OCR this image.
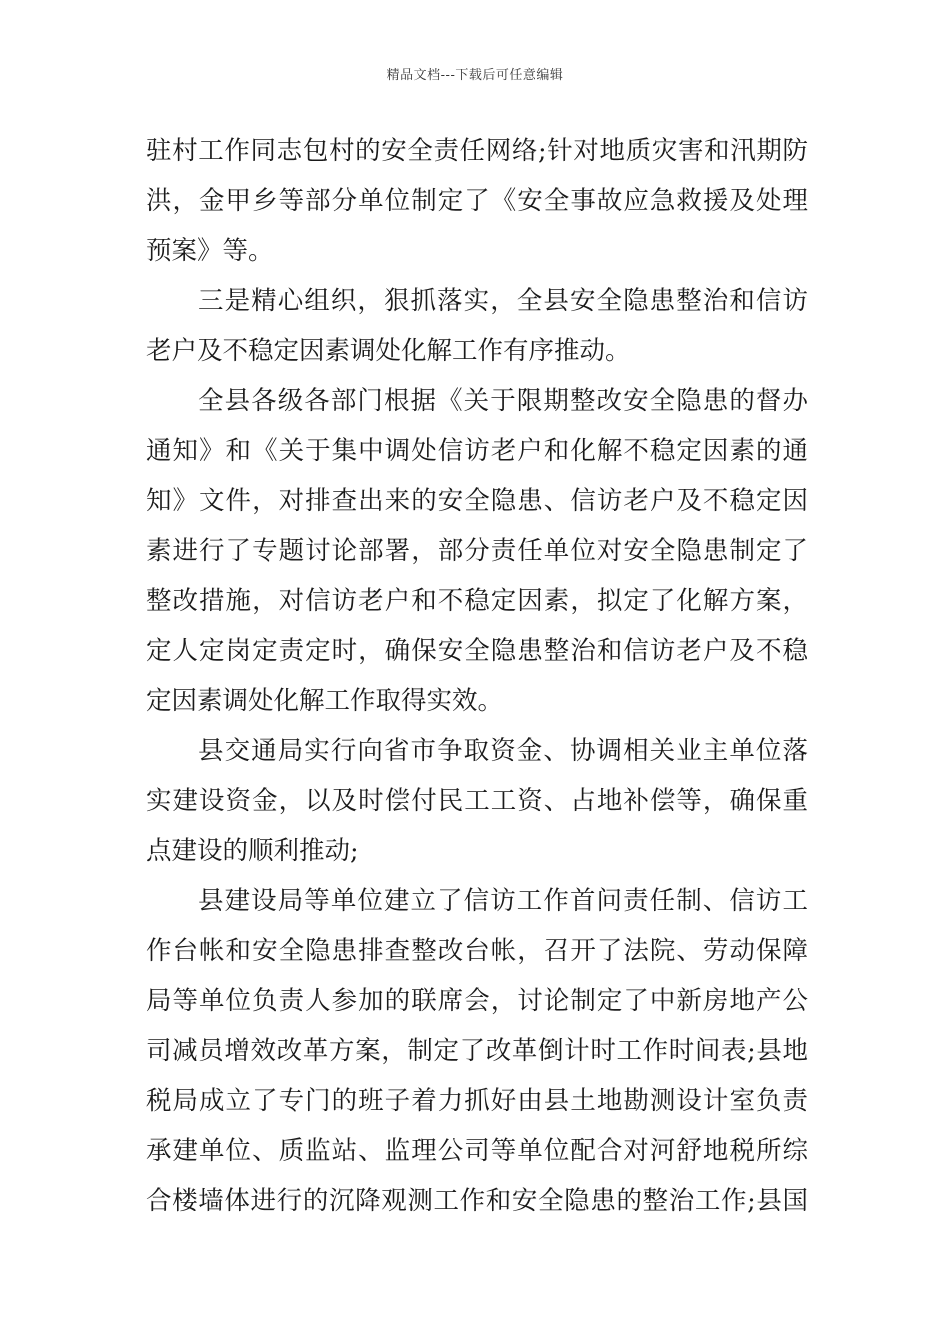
精品文档---下载后可任意编辑
驻村工作同志包村的安全责任网络;针对地质灾害和汛期防
洪，金甲乡等部分单位制定了《安全事故应急救援及处理
预案》等。
三是精心组织，狠抓落实，全县安全隐患整治和信访
老户及不稳定因素调处化解工作有序推动。
全县各级各部门根据《关于限期整改安全隐患的督办
通知》和《关于集中调处信访老户和化解不稳定因素的通
知》文件，对排查出来的安全隐患、信访老户及不稳定因
素进行了专题讨论部署，部分责任单位对安全隐患制定了
整改措施，对信访老户和不稳定因素，拟定了化解方案，
定人定岗定责定时，确保安全隐患整治和信访老户及不稳
定因素调处化解工作取得实效。
县交通局实行向省市争取资金、协调相关业主单位落
实建设资金，以及时偿付民工工资、占地补偿等，确保重
点建设的顺利推动;
县建设局等单位建立了信访工作首问责任制、信访工
作台帐和安全隐患排查整改台帐，召开了法院、劳动保障
局等单位负责人参加的联席会，讨论制定了中新房地产公
司减员增效改革方案，制定了改革倒计时工作时间表;县地
税局成立了专门的班子着力抓好由县土地勘测设计室负责
承建单位、质监站、监理公司等单位配合对河舒地税所综
合楼墙体进行的沉降观测工作和安全隐患的整治工作;县国
